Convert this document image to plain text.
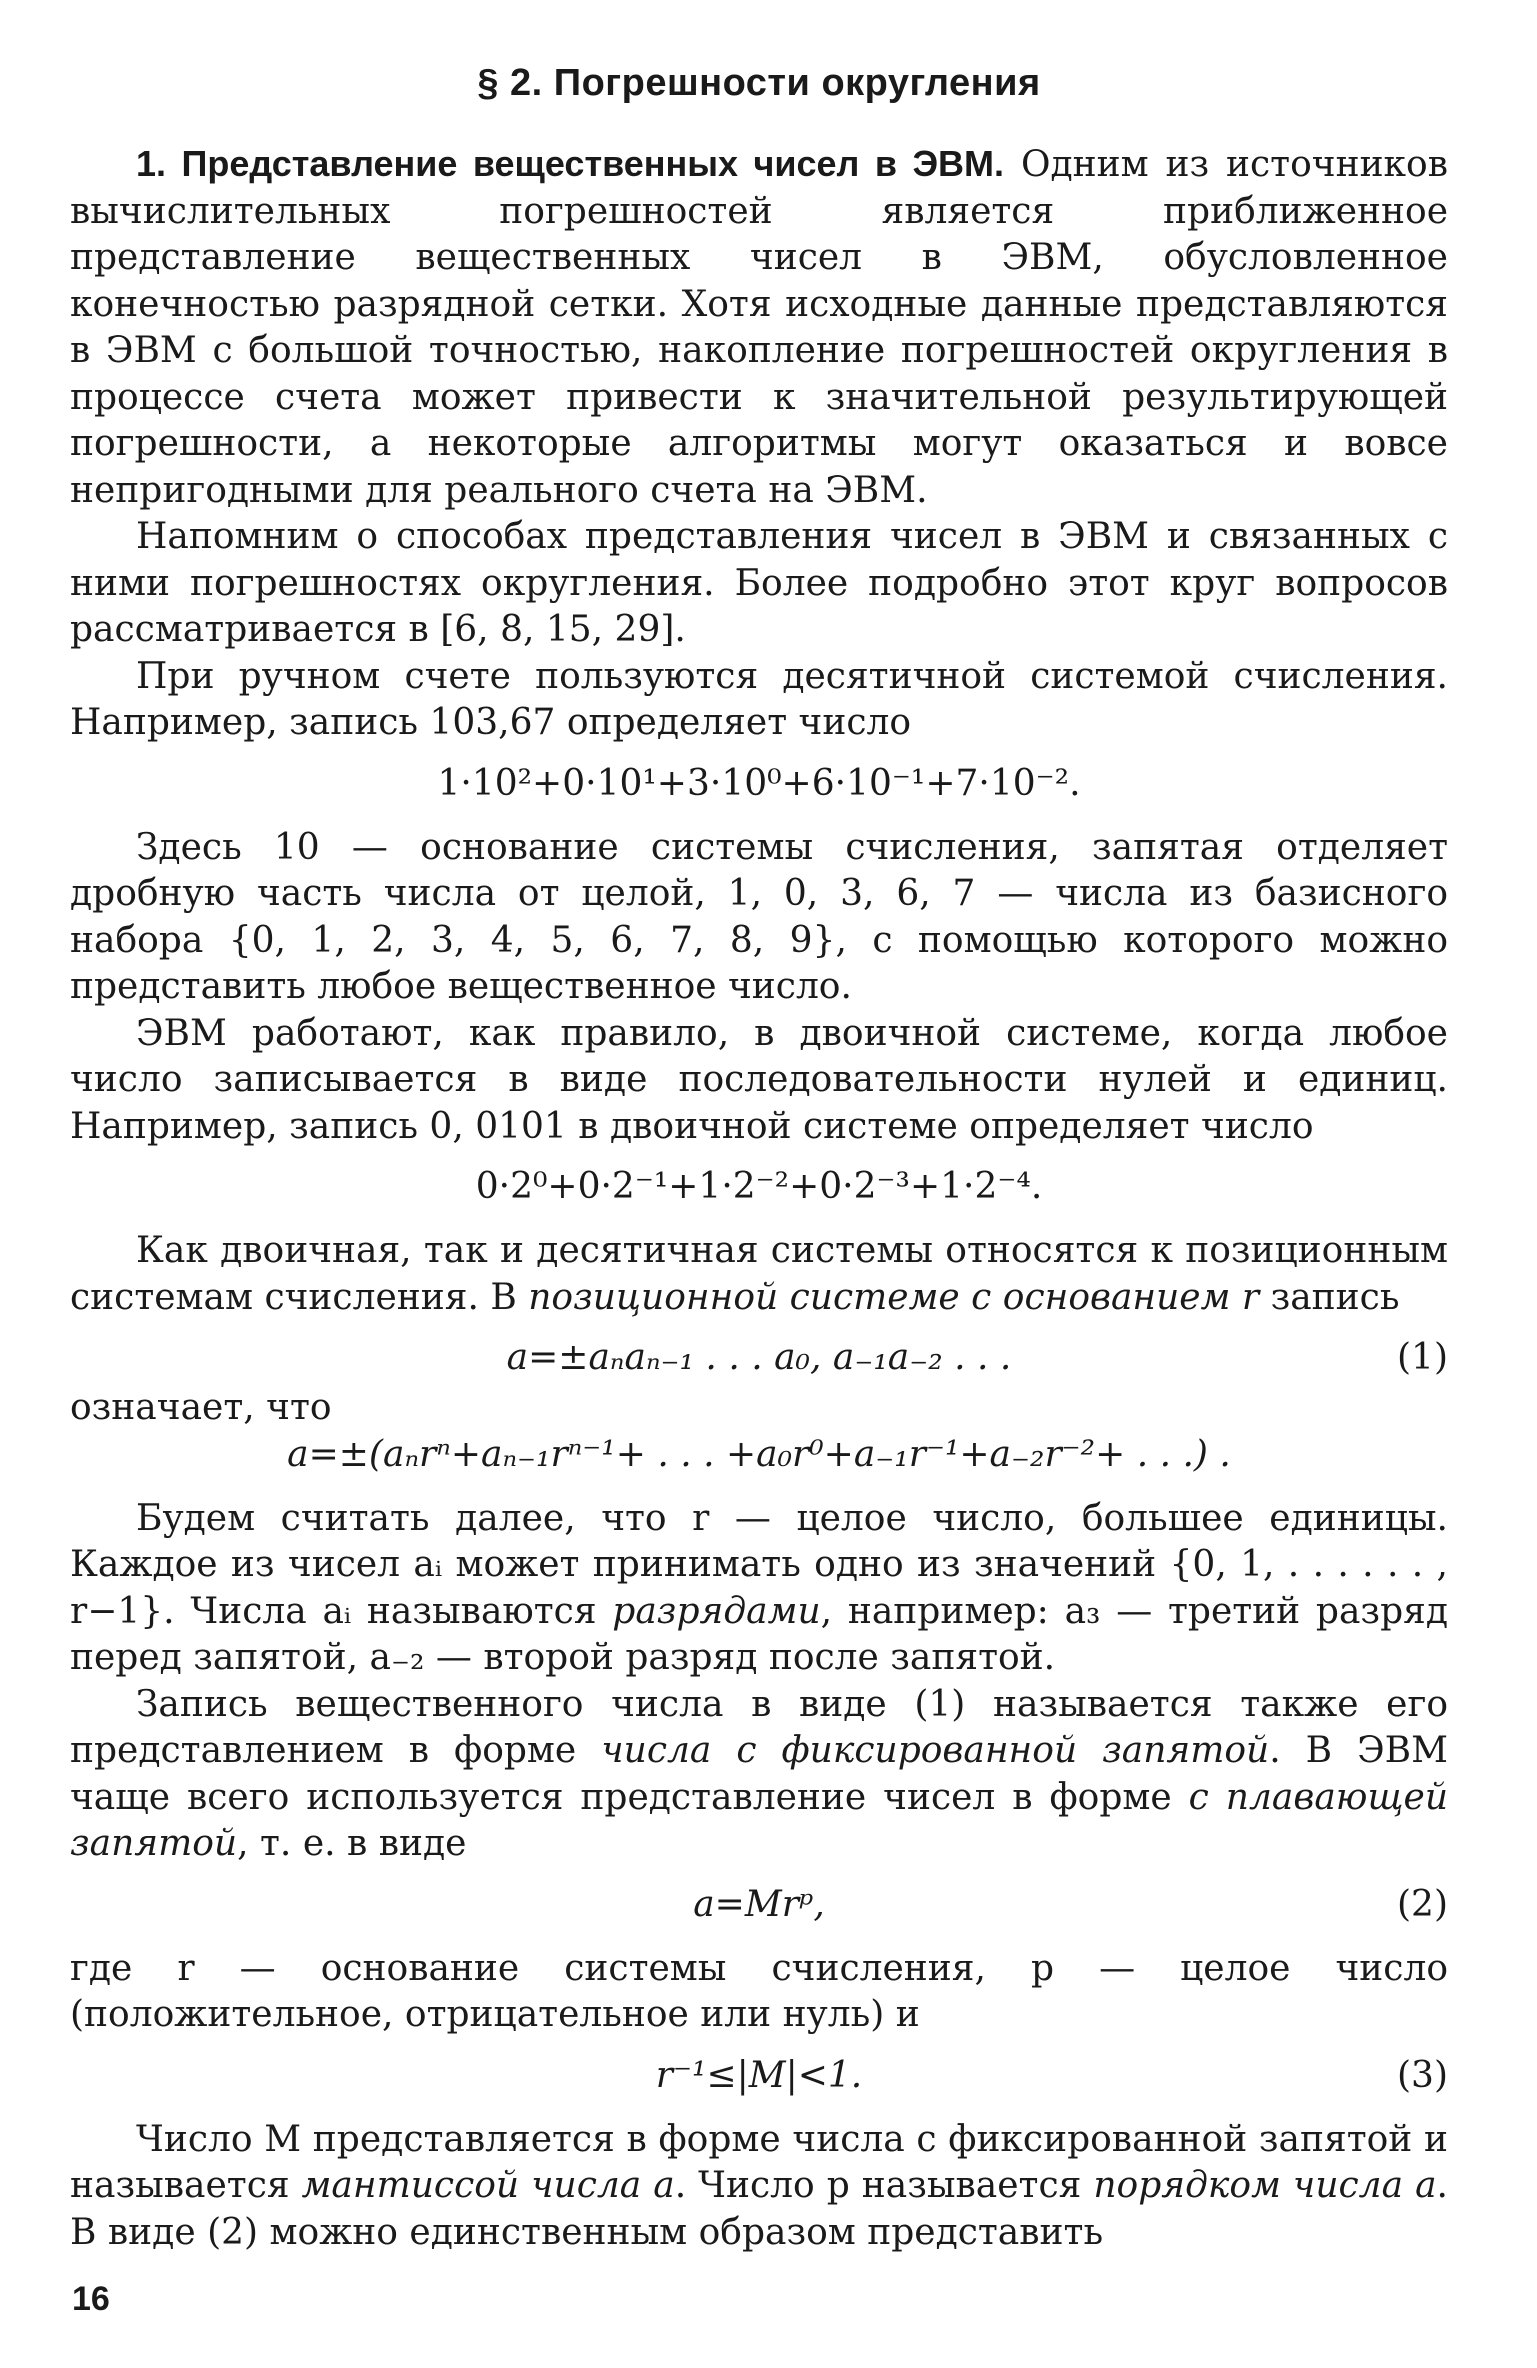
§ 2. Погрешности округления

1. Представление вещественных чисел в ЭВМ. Одним из источников вычислительных погрешностей является приближенное представление вещественных чисел в ЭВМ, обусловленное конечностью разрядной сетки. Хотя исходные данные представляются в ЭВМ с большой точностью, накопление погрешностей округления в процессе счета может привести к значительной результирующей погрешности, а некоторые алгоритмы могут оказаться и вовсе непригодными для реального счета на ЭВМ.

Напомним о способах представления чисел в ЭВМ и связанных с ними погрешностях округления. Более подробно этот круг вопросов рассматривается в [6, 8, 15, 29].

При ручном счете пользуются десятичной системой счисления. Например, запись 103,67 определяет число

1·10²+0·10¹+3·10⁰+6·10⁻¹+7·10⁻².

Здесь 10 — основание системы счисления, запятая отделяет дробную часть числа от целой, 1, 0, 3, 6, 7 — числа из базисного набора {0, 1, 2, 3, 4, 5, 6, 7, 8, 9}, с помощью которого можно представить любое вещественное число.

ЭВМ работают, как правило, в двоичной системе, когда любое число записывается в виде последовательности нулей и единиц. Например, запись 0, 0101 в двоичной системе определяет число

0·2⁰+0·2⁻¹+1·2⁻²+0·2⁻³+1·2⁻⁴.

Как двоичная, так и десятичная системы относятся к позиционным системам счисления. В позиционной системе с основанием r запись

a=±aₙaₙ₋₁ . . . a₀, a₋₁a₋₂ . . .	(1)

означает, что

a=±(aₙrⁿ+aₙ₋₁rⁿ⁻¹+ . . . +a₀r⁰+a₋₁r⁻¹+a₋₂r⁻²+ . . .) .

Будем считать далее, что r — целое число, большее единицы. Каждое из чисел aᵢ может принимать одно из значений {0, 1, . . . . . . , r−1}. Числа aᵢ называются разрядами, например: a₃ — третий разряд перед запятой, a₋₂ — второй разряд после запятой.

Запись вещественного числа в виде (1) называется также его представлением в форме числа с фиксированной запятой. В ЭВМ чаще всего используется представление чисел в форме с плавающей запятой, т. е. в виде

a=Mrᵖ,	(2)

где r — основание системы счисления, p — целое число (положительное, отрицательное или нуль) и

r⁻¹≤|M|<1.	(3)

Число M представляется в форме числа с фиксированной запятой и называется мантиссой числа a. Число p называется порядком числа a. В виде (2) можно единственным образом представить

16
